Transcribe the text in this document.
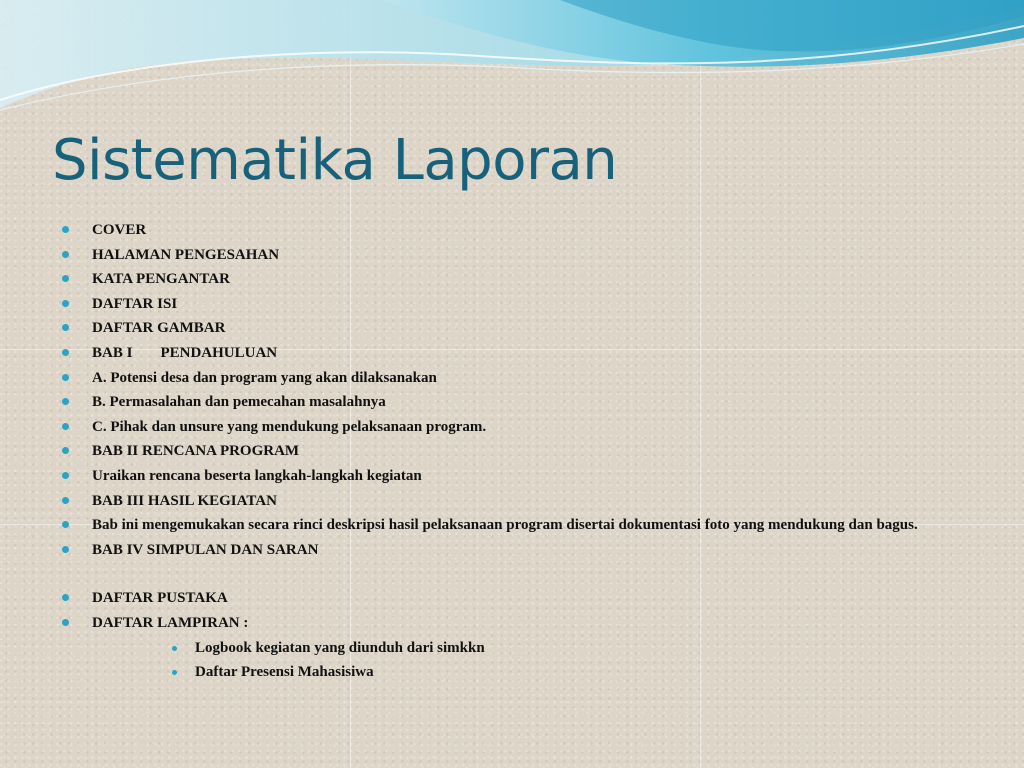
Sistematika Laporan
COVER
HALAMAN PENGESAHAN
KATA PENGANTAR
DAFTAR ISI
DAFTAR GAMBAR
BAB I PENDAHULUAN
A. Potensi desa dan program yang akan dilaksanakan
B. Permasalahan dan pemecahan masalahnya
C. Pihak dan unsure yang mendukung pelaksanaan program.
BAB II RENCANA PROGRAM
Uraikan rencana beserta langkah-langkah kegiatan
BAB III HASIL KEGIATAN
Bab ini mengemukakan secara rinci deskripsi hasil pelaksanaan program disertai dokumentasi foto yang mendukung dan bagus.
BAB IV SIMPULAN DAN SARAN
DAFTAR PUSTAKA
DAFTAR LAMPIRAN :
Logbook kegiatan yang diunduh dari simkkn
Daftar Presensi Mahasisiwa
